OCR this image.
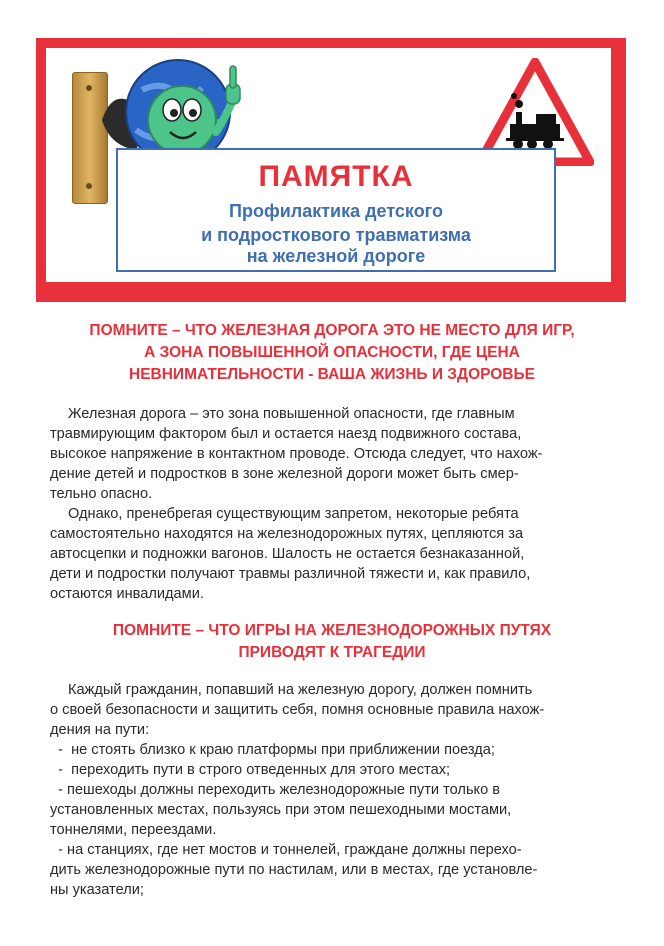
ПАМЯТКА
Профилактика детского
и подросткового травматизма
на железной дороге
ПОМНИТЕ – ЧТО ЖЕЛЕЗНАЯ ДОРОГА ЭТО НЕ МЕСТО ДЛЯ ИГР,
А ЗОНА ПОВЫШЕННОЙ ОПАСНОСТИ, ГДЕ ЦЕНА
НЕВНИМАТЕЛЬНОСТИ - ВАША ЖИЗНЬ И ЗДОРОВЬЕ
Железная дорога – это зона повышенной опасности, где главным
травмирующим фактором был и остается наезд подвижного состава,
высокое напряжение в контактном проводе. Отсюда следует, что нахож-
дение детей и подростков в зоне железной дороги может быть смер-
тельно опасно.
Однако, пренебрегая существующим запретом, некоторые ребята
самостоятельно находятся на железнодорожных путях, цепляются за
автосцепки и подножки вагонов. Шалость не остается безнаказанной,
дети и подростки получают травмы различной тяжести и, как правило,
остаются инвалидами.
ПОМНИТЕ – ЧТО ИГРЫ НА ЖЕЛЕЗНОДОРОЖНЫХ ПУТЯХ
ПРИВОДЯТ К ТРАГЕДИИ
Каждый гражданин, попавший на железную дорогу, должен помнить
о своей безопасности и защитить себя, помня основные правила нахож-
дения на пути:
-  не стоять близко к краю платформы при приближении поезда;
-  переходить пути в строго отведенных для этого местах;
- пешеходы должны переходить железнодорожные пути только в
установленных местах, пользуясь при этом пешеходными мостами,
тоннелями, переездами.
- на станциях, где нет мостов и тоннелей, граждане должны перехо-
дить железнодорожные пути по настилам, или в местах, где установле-
ны указатели;
